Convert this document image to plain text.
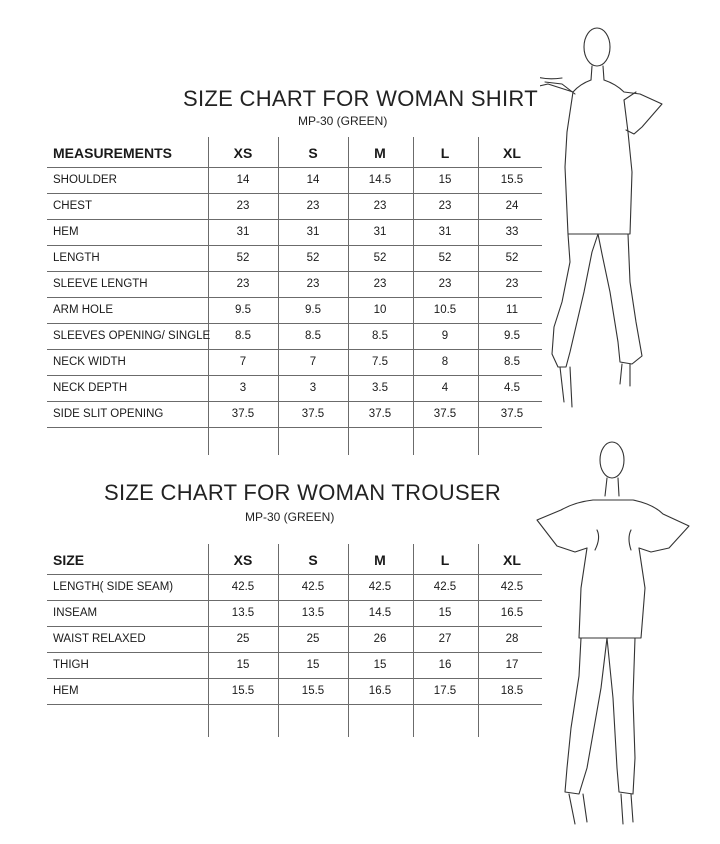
SIZE CHART FOR WOMAN SHIRT
MP-30 (GREEN)
MEASUREMENTS	XS	S	M	L	XL
SHOULDER	14	14	14.5	15	15.5
CHEST	23	23	23	23	24
HEM	31	31	31	31	33
LENGTH	52	52	52	52	52
SLEEVE LENGTH	23	23	23	23	23
ARM HOLE	9.5	9.5	10	10.5	11
SLEEVES OPENING/ SINGLE 8.5	8.5	8.5	9	9.5
NECK WIDTH	7	7	7.5	8	8.5
NECK DEPTH	3	3	3.5	4	4.5
SIDE SLIT OPENING	37.5	37.5	37.5	37.5	37.5
SIZE CHART FOR WOMAN TROUSER
MP-30 (GREEN)
SIZE	XS	S	M	L	XL
LENGTH( SIDE SEAM)	42.5	42.5	42.5	42.5	42.5
INSEAM	13.5	13.5	14.5	15	16.5
WAIST RELAXED	25	25	26	27	28
THIGH	15	15	15	16	17
HEM	15.5	15.5	16.5	17.5	18.5
